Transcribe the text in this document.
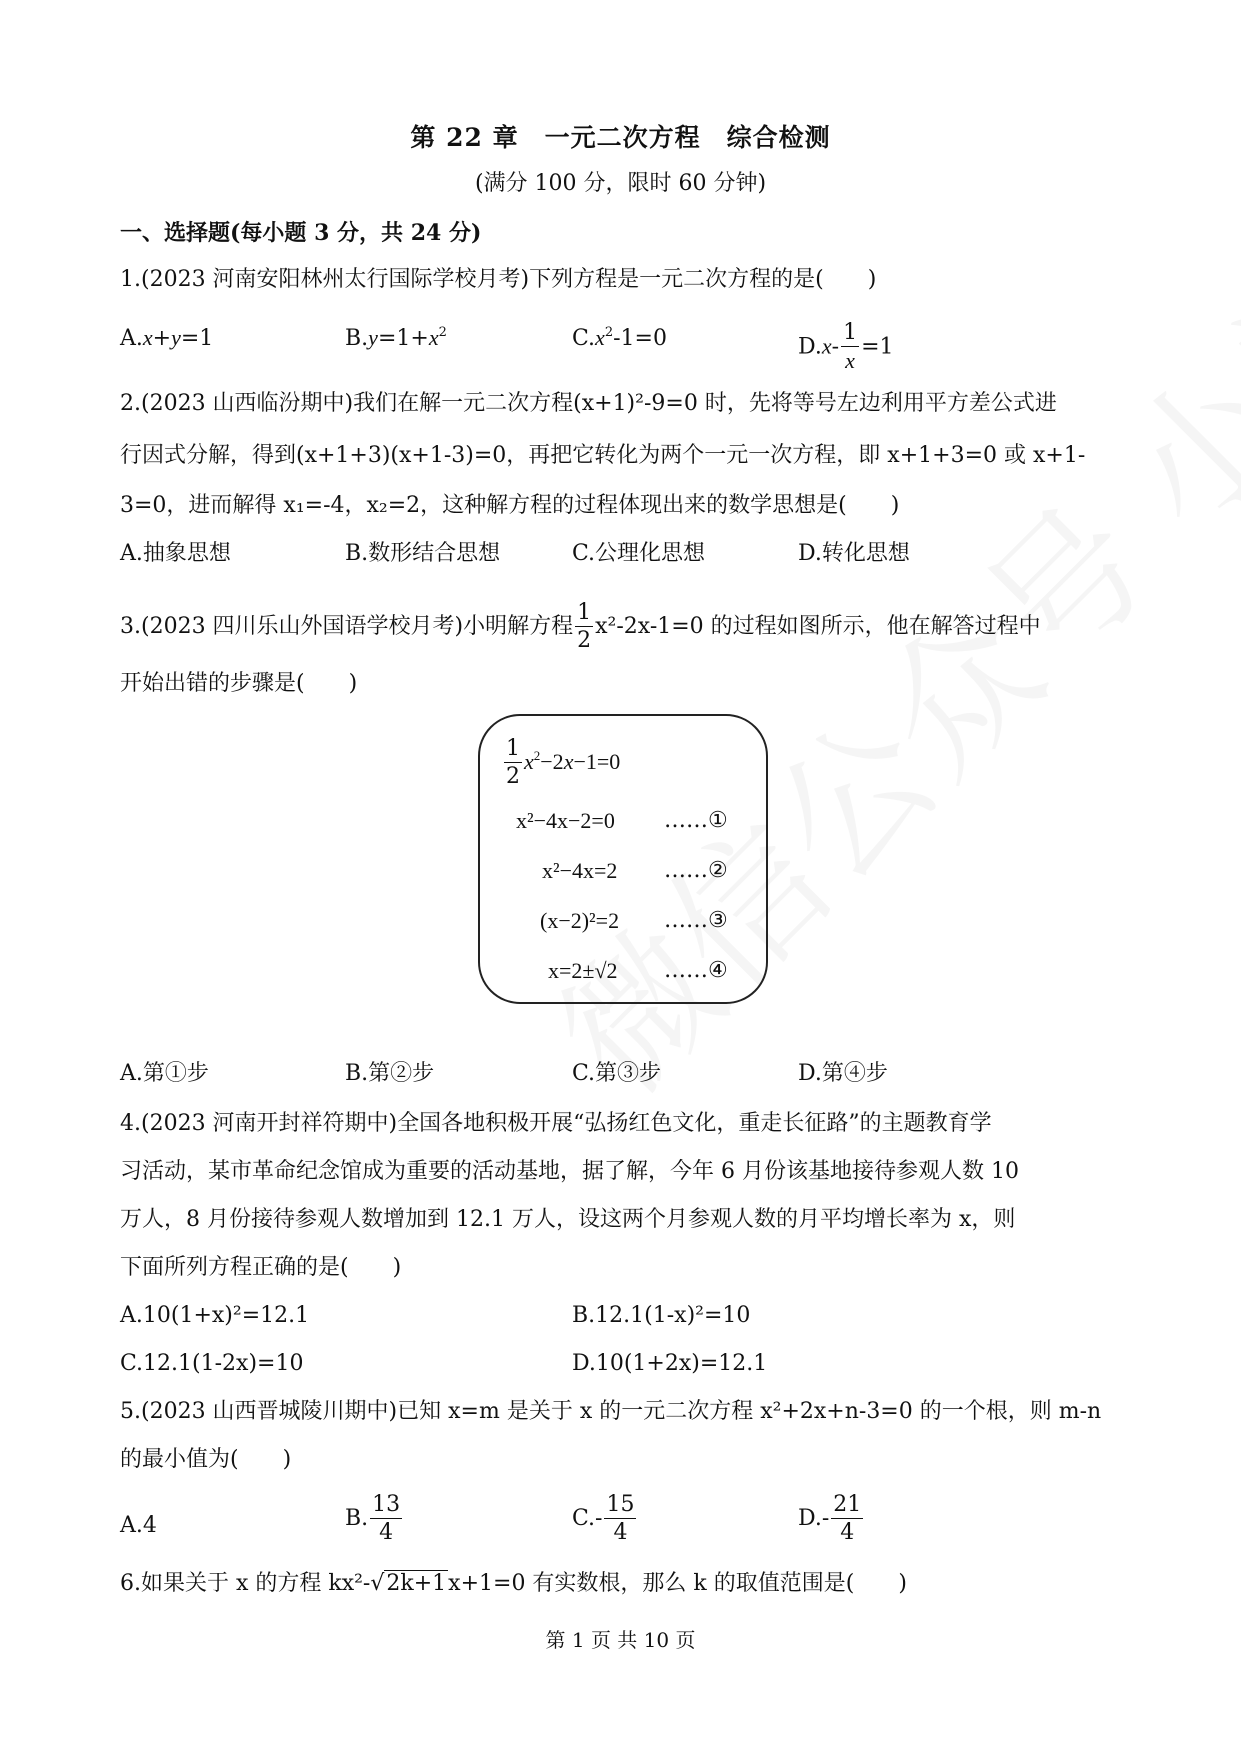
第 22 章　一元二次方程　综合检测
(满分 100 分，限时 60 分钟)
一、选择题(每小题 3 分，共 24 分)
1.(2023 河南安阳林州太行国际学校月考)下列方程是一元二次方程的是(　　)
A.x+y=1	$B.y=1+x^2$	$C.x^2-1=0$	$D.x- \frac{1}{x} =1$
2.(2023 山西临汾期中)我们在解一元二次方程(x+1)²-9=0 时，先将等号左边利用平方差公式进
行因式分解，得到(x+1+3)(x+1-3)=0，再把它转化为两个一元一次方程，即 x+1+3=0 或 x+1-
3=0，进而解得 x₁=-4，x₂=2，这种解方程的过程体现出来的数学思想是(　　)
A.抽象思想	B.数形结合思想	C.公理化思想	D.转化思想
3.(2023 四川乐山外国语学校月考)小明解方程 $\frac{1}{2} x^2-2x-1=0$ 的过程如图所示，他在解答过程中
开始出错的步骤是(　　)
$\frac{1}{2} x^2-2x-1=0$
x²−4x−2=0 ……①
x²−4x=2 ……②
(x−2)²=2 ……③
x=2±√2 ……④
A.第①步	B.第②步	C.第③步	D.第④步
4.(2023 河南开封祥符期中)全国各地积极开展“弘扬红色文化，重走长征路”的主题教育学
习活动，某市革命纪念馆成为重要的活动基地，据了解，今年 6 月份该基地接待参观人数 10
万人，8 月份接待参观人数增加到 12.1 万人，设这两个月参观人数的月平均增长率为 x，则
下面所列方程正确的是(　　)
A.10(1+x)²=12.1	B.12.1(1-x)²=10
C.12.1(1-2x)=10	D.10(1+2x)=12.1
5.(2023 山西晋城陵川期中)已知 x=m 是关于 x 的一元二次方程 x²+2x+n-3=0 的一个根，则 m-n
的最小值为(　　)
A.4	B. $\frac{13}{4}$	$C.- \frac{15}{4}$	$D.- \frac{21}{4}$
6.如果关于 x 的方程 kx²-√2k+1x+1=0 有实数根，那么 k 的取值范围是(　　)
第 1 页 共 10 页
